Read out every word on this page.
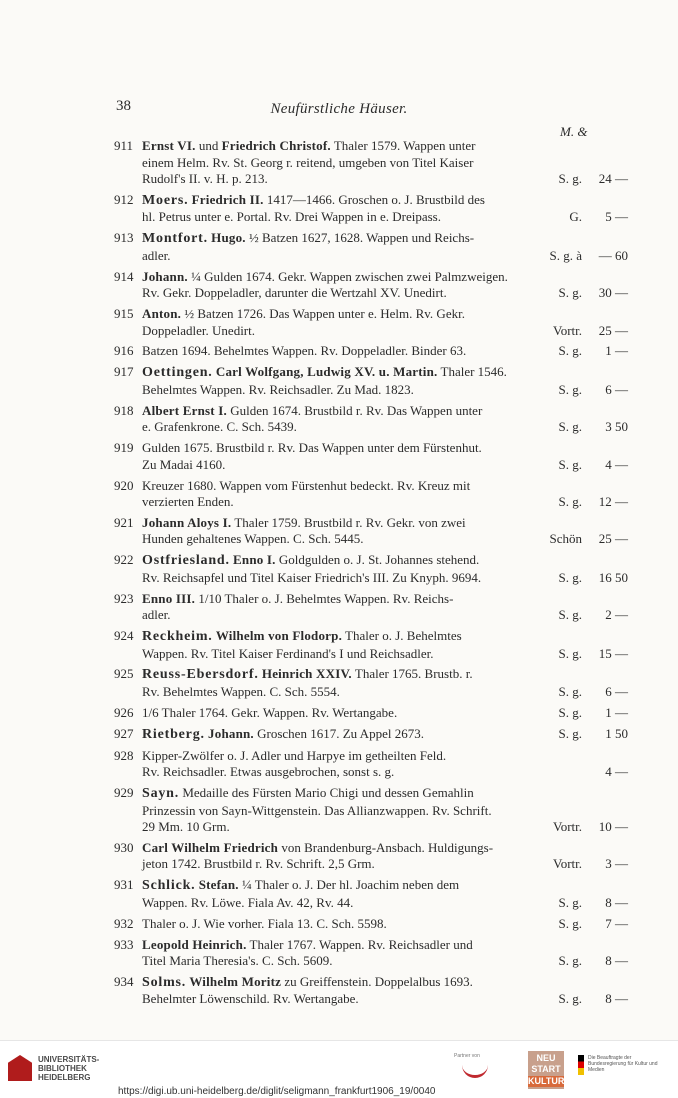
38	Neufürstliche Häuser.
M. &
911 Ernst VI. und Friedrich Christof. Thaler 1579. Wappen unter
einem Helm. Rv. St. Georg r. reitend, umgeben von Titel Kaiser
Rudolf's II. v. H. p. 213.	S. g.	24 —
912 Moers. Friedrich II. 1417—1466. Groschen o. J. Brustbild des
hl. Petrus unter e. Portal. Rv. Drei Wappen in e. Dreipass.	G.	5 —
913 Montfort. Hugo. ½ Batzen 1627, 1628. Wappen und Reichs-
adler.	S. g. à	— 60
914 Johann. ¼ Gulden 1674. Gekr. Wappen zwischen zwei Palmzweigen.
Rv. Gekr. Doppeladler, darunter die Wertzahl XV. Unedirt.	S. g.	30 —
915 Anton. ½ Batzen 1726. Das Wappen unter e. Helm. Rv. Gekr.
Doppeladler. Unedirt.	Vortr.	25 —
916 Batzen 1694. Behelmtes Wappen. Rv. Doppeladler. Binder 63.	S. g.	1 —
917 Oettingen. Carl Wolfgang, Ludwig XV. u. Martin. Thaler 1546.
Behelmtes Wappen. Rv. Reichsadler. Zu Mad. 1823.	S. g.	6 —
918 Albert Ernst I. Gulden 1674. Brustbild r. Rv. Das Wappen unter
e. Grafenkrone. C. Sch. 5439.	S. g.	3 50
919 Gulden 1675. Brustbild r. Rv. Das Wappen unter dem Fürstenhut.
Zu Madai 4160.	S. g.	4 —
920 Kreuzer 1680. Wappen vom Fürstenhut bedeckt. Rv. Kreuz mit
verzierten Enden.	S. g.	12 —
921 Johann Aloys I. Thaler 1759. Brustbild r. Rv. Gekr. von zwei
Hunden gehaltenes Wappen. C. Sch. 5445.	Schön	25 —
922 Ostfriesland. Enno I. Goldgulden o. J. St. Johannes stehend.
Rv. Reichsapfel und Titel Kaiser Friedrich's III. Zu Knyph. 9694.	S. g.	16 50
923 Enno III. 1/10 Thaler o. J. Behelmtes Wappen. Rv. Reichs-
adler.	S. g.	2 —
924 Reckheim. Wilhelm von Flodorp. Thaler o. J. Behelmtes
Wappen. Rv. Titel Kaiser Ferdinand's I und Reichsadler.	S. g.	15 —
925 Reuss-Ebersdorf. Heinrich XXIV. Thaler 1765. Brustb. r.
Rv. Behelmtes Wappen. C. Sch. 5554.	S. g.	6 —
926 1/6 Thaler 1764. Gekr. Wappen. Rv. Wertangabe.	S. g.	1 —
927 Rietberg. Johann. Groschen 1617. Zu Appel 2673.	S. g.	1 50
928 Kipper-Zwölfer o. J. Adler und Harpye im getheilten Feld.
Rv. Reichsadler. Etwas ausgebrochen, sonst s. g.	4 —
929 Sayn. Medaille des Fürsten Mario Chigi und dessen Gemahlin
Prinzessin von Sayn-Wittgenstein. Das Allianzwappen. Rv. Schrift.
29 Mm. 10 Grm.	Vortr.	10 —
930 Carl Wilhelm Friedrich von Brandenburg-Ansbach. Huldigungs-
jeton 1742. Brustbild r. Rv. Schrift. 2,5 Grm.	Vortr.	3 —
931 Schlick. Stefan. ¼ Thaler o. J. Der hl. Joachim neben dem
Wappen. Rv. Löwe. Fiala Av. 42, Rv. 44.	S. g.	8 —
932 Thaler o. J. Wie vorher. Fiala 13. C. Sch. 5598.	S. g.	7 —
933 Leopold Heinrich. Thaler 1767. Wappen. Rv. Reichsadler und
Titel Maria Theresia's. C. Sch. 5609.	S. g.	8 —
934 Solms. Wilhelm Moritz zu Greiffenstein. Doppelalbus 1693.
Behelmter Löwenschild. Rv. Wertangabe.	S. g.	8 —
UNIVERSITÄTS-
BIBLIOTHEK
HEIDELBERG
Partner von	NEU
START
KULTUR
Die Beauftragte der Bundesregierung für Kultur und Medien
https://digi.ub.uni-heidelberg.de/diglit/seligmann_frankfurt1906_19/0040
